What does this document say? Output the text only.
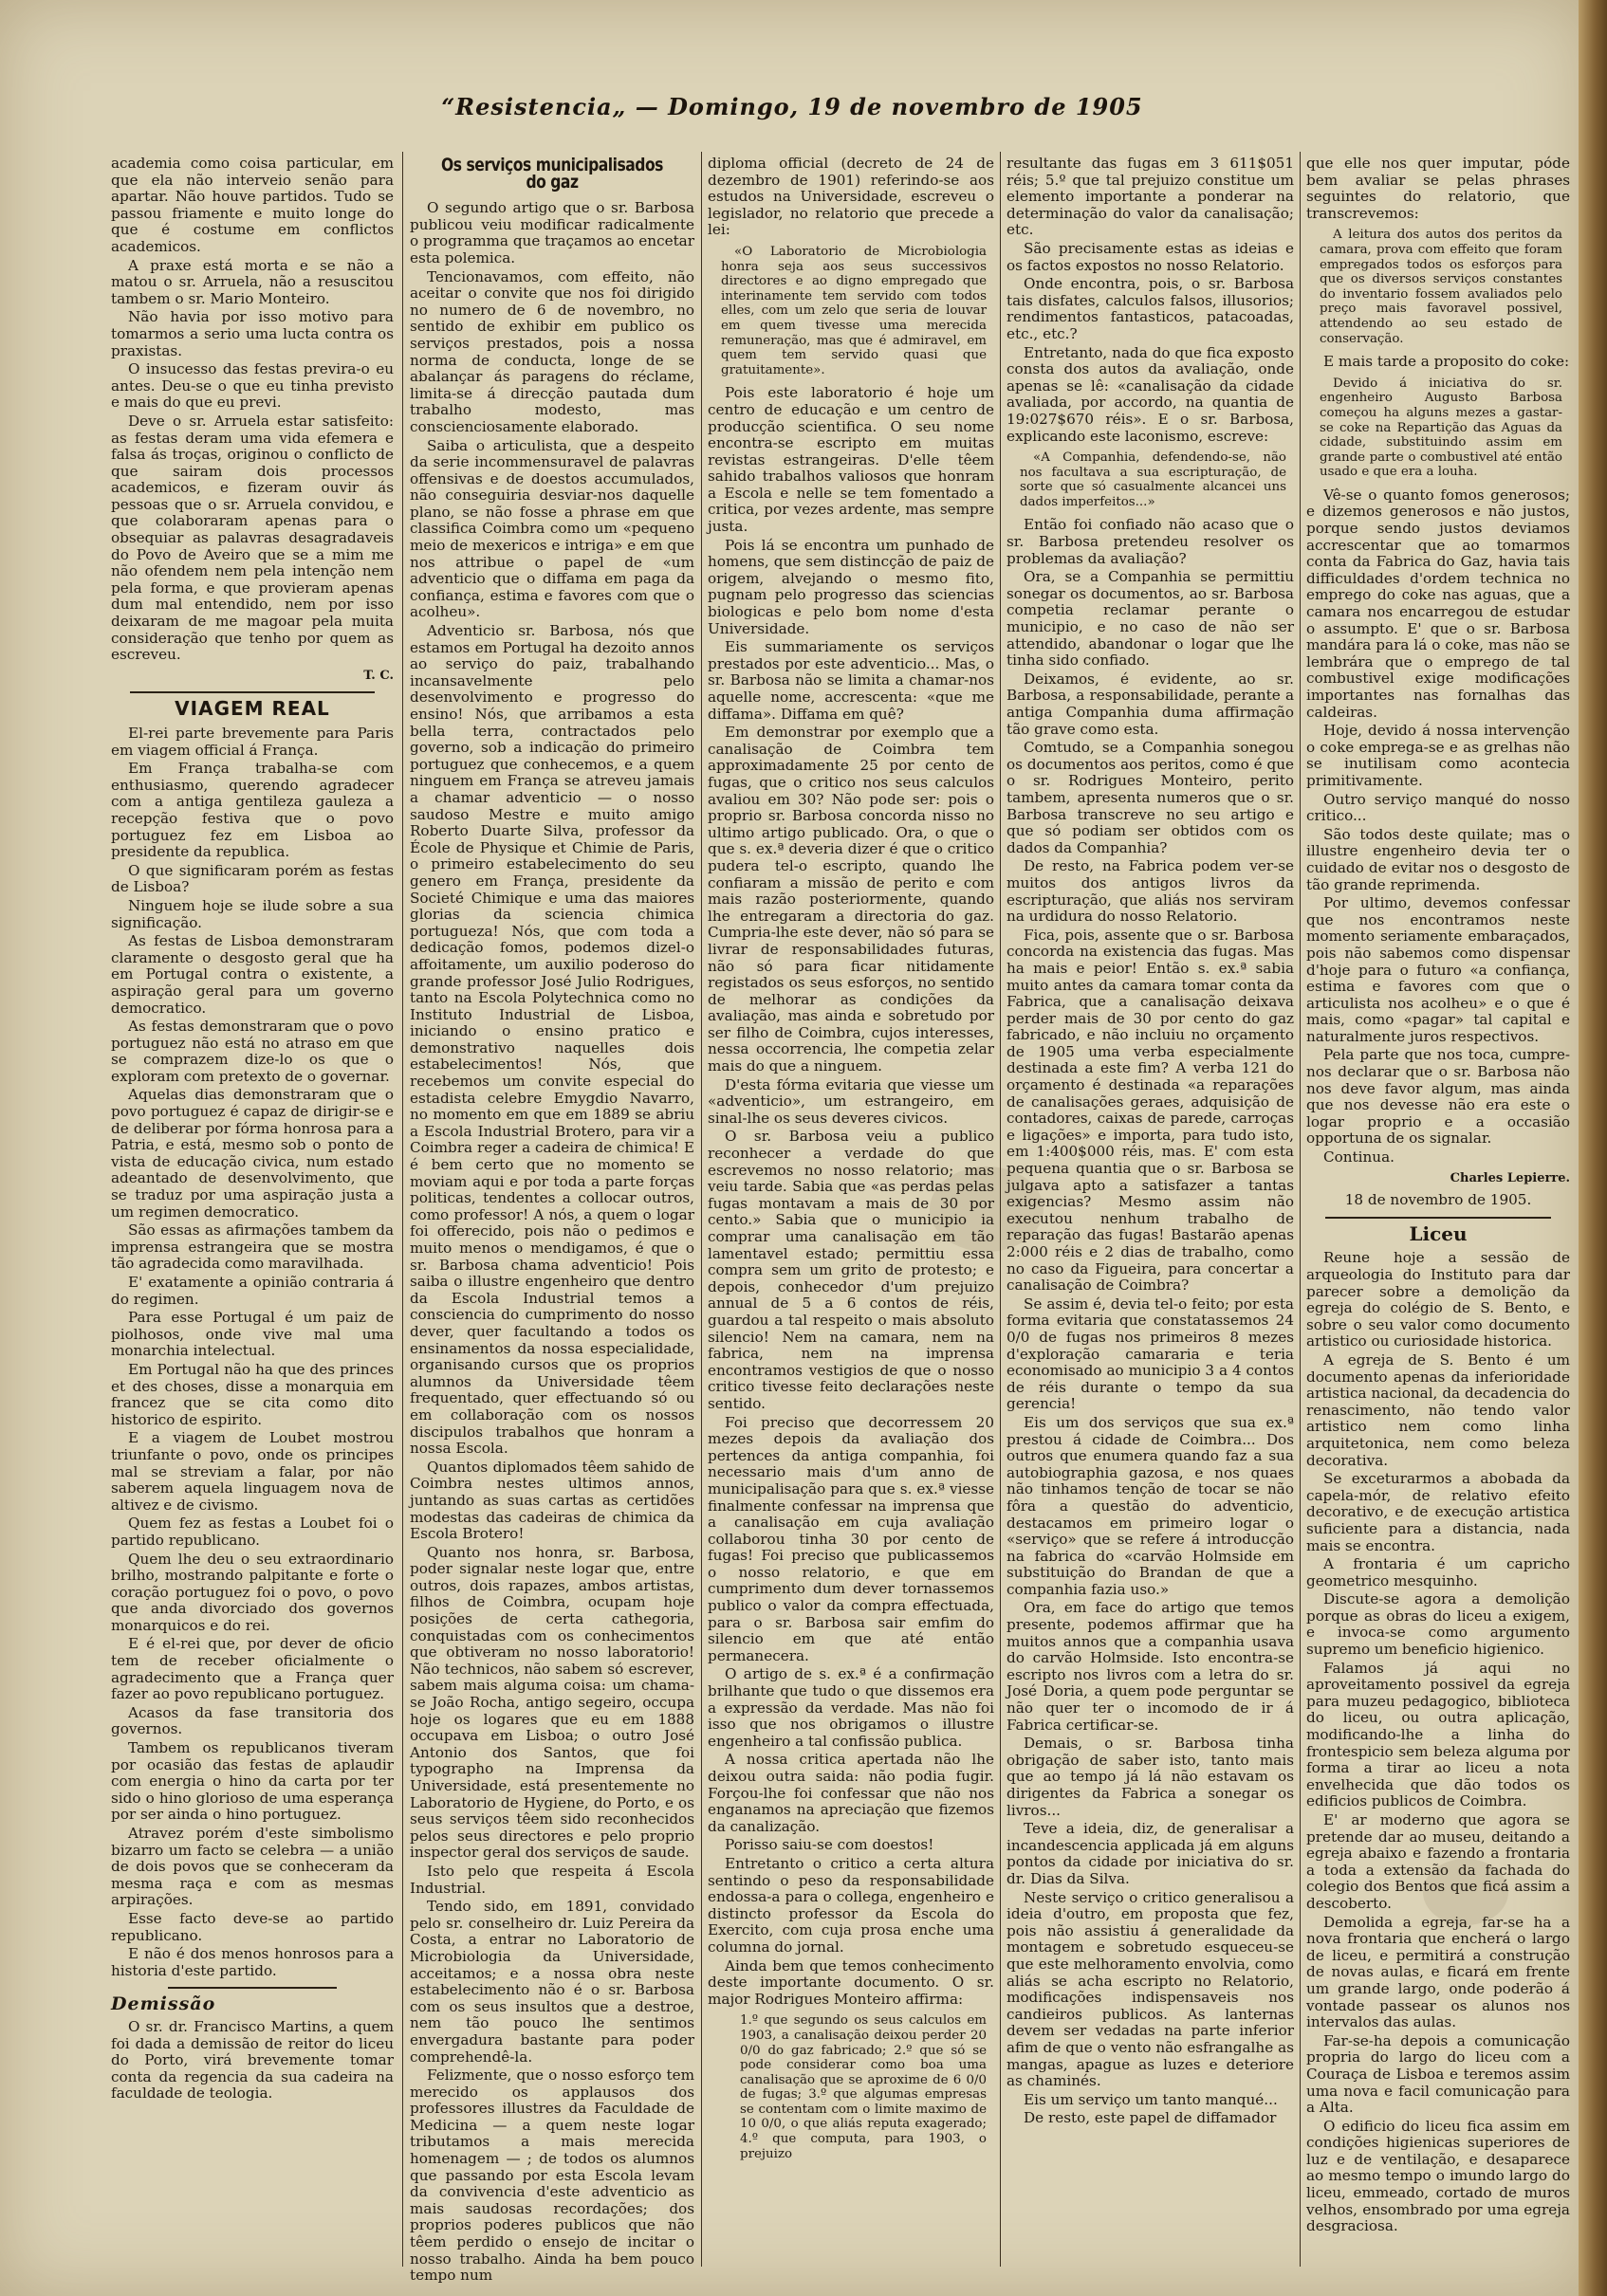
“Resistencia„ — Domingo, 19 de novembro de 1905

academia como coisa particular, em que ela não interveio senão para apartar. Não houve partidos. Tudo se passou friamente e muito longe do que é costume em conflictos academicos.

A praxe está morta e se não a matou o sr. Arruela, não a resuscitou tambem o sr. Mario Monteiro.

Não havia por isso motivo para tomarmos a serio uma lucta contra os praxistas.

O insucesso das festas previra-o eu antes. Deu-se o que eu tinha previsto e mais do que eu previ.

Deve o sr. Arruela estar satisfeito: as festas deram uma vida efemera e falsa ás troças, originou o conflicto de que sairam dois processos academicos, e fizeram ouvir ás pessoas que o sr. Arruela convidou, e que colaboraram apenas para o obsequiar as palavras desagradaveis do Povo de Aveiro que se a mim me não ofendem nem pela intenção nem pela forma, e que provieram apenas dum mal entendido, nem por isso deixaram de me magoar pela muita consideração que tenho por quem as escreveu.

T. C.

VIAGEM REAL

El-rei parte brevemente para Paris em viagem official á França.

Em França trabalha-se com enthusiasmo, querendo agradecer com a antiga gentileza gauleza a recepção festiva que o povo portuguez fez em Lisboa ao presidente da republica.

O que significaram porém as festas de Lisboa?

Ninguem hoje se ilude sobre a sua significação.

As festas de Lisboa demonstraram claramente o desgosto geral que ha em Portugal contra o existente, a aspiração geral para um governo democratico.

As festas demonstraram que o povo portuguez não está no atraso em que se comprazem dize-lo os que o exploram com pretexto de o governar.

Aquelas dias demonstraram que o povo portuguez é capaz de dirigir-se e de deliberar por fórma honrosa para a Patria, e está, mesmo sob o ponto de vista de educação civica, num estado adeantado de desenvolvimento, que se traduz por uma aspiração justa a um regimen democratico.

São essas as afirmações tambem da imprensa estrangeira que se mostra tão agradecida como maravilhada.

E' exatamente a opinião contraria á do regimen.

Para esse Portugal é um paiz de piolhosos, onde vive mal uma monarchia intelectual.

Em Portugal não ha que des princes et des choses, disse a monarquia em francez que se cita como dito historico de espirito.

E a viagem de Loubet mostrou triunfante o povo, onde os principes mal se streviam a falar, por não saberem aquela linguagem nova de altivez e de civismo.

Quem fez as festas a Loubet foi o partido republicano.

Quem lhe deu o seu extraordinario brilho, mostrando palpitante e forte o coração portuguez foi o povo, o povo que anda divorciado dos governos monarquicos e do rei.

E é el-rei que, por dever de oficio tem de receber oficialmente o agradecimento que a França quer fazer ao povo republicano portuguez.

Acasos da fase transitoria dos governos.

Tambem os republicanos tiveram por ocasião das festas de aplaudir com energia o hino da carta por ter sido o hino glorioso de uma esperança por ser ainda o hino portuguez.

Atravez porém d'este simbolismo bizarro um facto se celebra — a união de dois povos que se conheceram da mesma raça e com as mesmas arpirações.

Esse facto deve-se ao partido republicano.

E não é dos menos honrosos para a historia d'este partido.

Demissão

O sr. dr. Francisco Martins, a quem foi dada a demissão de reitor do liceu do Porto, virá brevemente tomar conta da regencia da sua cadeira na faculdade de teologia.

Os serviços municipalisados do gaz

O segundo artigo que o sr. Barbosa publicou veiu modificar radicalmente o programma que traçamos ao encetar esta polemica.

Tencionavamos, com effeito, não aceitar o convite que nos foi dirigido no numero de 6 de novembro, no sentido de exhibir em publico os serviços prestados, pois a nossa norma de conducta, longe de se abalançar ás paragens do réclame, limita-se á direcção pautada dum trabalho modesto, mas conscienciosamente elaborado.

Saiba o articulista, que a despeito da serie incommensuravel de palavras offensivas e de doestos accumulados, não conseguiria desviar-nos daquelle plano, se não fosse a phrase em que classifica Coimbra como um «pequeno meio de mexericos e intriga» e em que nos attribue o papel de «um adventicio que o diffama em paga da confiança, estima e favores com que o acolheu».

Adventicio sr. Barbosa, nós que estamos em Portugal ha dezoito annos ao serviço do paiz, trabalhando incansavelmente pelo desenvolvimento e progresso do ensino! Nós, que arribamos a esta bella terra, contractados pelo governo, sob a indicação do primeiro portuguez que conhecemos, e a quem ninguem em França se atreveu jamais a chamar adventicio — o nosso saudoso Mestre e muito amigo Roberto Duarte Silva, professor da École de Physique et Chimie de Paris, o primeiro estabelecimento do seu genero em França, presidente da Societé Chimique e uma das maiores glorias da sciencia chimica portugueza! Nós, que com toda a dedicação fomos, podemos dizel-o affoitamente, um auxilio poderoso do grande professor José Julio Rodrigues, tanto na Escola Polytechnica como no Instituto Industrial de Lisboa, iniciando o ensino pratico e demonstrativo naquelles dois estabelecimentos! Nós, que recebemos um convite especial do estadista celebre Emygdio Navarro, no momento em que em 1889 se abriu a Escola Industrial Brotero, para vir a Coimbra reger a cadeira de chimica! E é bem certo que no momento se moviam aqui e por toda a parte forças politicas, tendentes a collocar outros, como professor! A nós, a quem o logar foi offerecido, pois não o pedimos e muito menos o mendigamos, é que o sr. Barbosa chama adventicio! Pois saiba o illustre engenheiro que dentro da Escola Industrial temos a consciencia do cumprimento do nosso dever, quer facultando a todos os ensinamentos da nossa especialidade, organisando cursos que os proprios alumnos da Universidade têem frequentado, quer effectuando só ou em collaboração com os nossos discipulos trabalhos que honram a nossa Escola.

Quantos diplomados têem sahido de Coimbra nestes ultimos annos, juntando as suas cartas as certidões modestas das cadeiras de chimica da Escola Brotero!

Quanto nos honra, sr. Barbosa, poder signalar neste logar que, entre outros, dois rapazes, ambos artistas, filhos de Coimbra, ocupam hoje posições de certa cathegoria, conquistadas com os conhecimentos que obtiveram no nosso laboratorio! Não technicos, não sabem só escrever, sabem mais alguma coisa: um chama-se João Rocha, antigo segeiro, occupa hoje os logares que eu em 1888 occupava em Lisboa; o outro José Antonio dos Santos, que foi typographo na Imprensa da Universidade, está presentemente no Laboratorio de Hygiene, do Porto, e os seus serviços têem sido reconhecidos pelos seus directores e pelo proprio inspector geral dos serviços de saude.

Isto pelo que respeita á Escola Industrial.

Tendo sido, em 1891, convidado pelo sr. conselheiro dr. Luiz Pereira da Costa, a entrar no Laboratorio de Microbiologia da Universidade, acceitamos; e a nossa obra neste estabelecimento não é o sr. Barbosa com os seus insultos que a destroe, nem tão pouco lhe sentimos envergadura bastante para poder comprehendê-la.

Felizmente, que o nosso esforço tem merecido os applausos dos professores illustres da Faculdade de Medicina — a quem neste logar tributamos a mais merecida homenagem — ; de todos os alumnos que passando por esta Escola levam da convivencia d'este adventicio as mais saudosas recordações; dos proprios poderes publicos que não têem perdido o ensejo de incitar o nosso trabalho. Ainda ha bem pouco tempo num

diploma official (decreto de 24 de dezembro de 1901) referindo-se aos estudos na Universidade, escreveu o legislador, no relatorio que precede a lei:

«O Laboratorio de Microbiologia honra seja aos seus successivos directores e ao digno empregado que interinamente tem servido com todos elles, com um zelo que seria de louvar em quem tivesse uma merecida remuneração, mas que é admiravel, em quem tem servido quasi que gratuitamente».

Pois este laboratorio é hoje um centro de educação e um centro de producção scientifica. O seu nome encontra-se escripto em muitas revistas estrangeiras. D'elle têem sahido trabalhos valiosos que honram a Escola e nelle se tem fomentado a critica, por vezes ardente, mas sempre justa.

Pois lá se encontra um punhado de homens, que sem distincção de paiz de origem, alvejando o mesmo fito, pugnam pelo progresso das sciencias biologicas e pelo bom nome d'esta Universidade.

Eis summariamente os serviços prestados por este adventicio... Mas, o sr. Barbosa não se limita a chamar-nos aquelle nome, accrescenta: «que me diffama». Diffama em quê?

Em demonstrar por exemplo que a canalisação de Coimbra tem approximadamente 25 por cento de fugas, que o critico nos seus calculos avaliou em 30? Não pode ser: pois o proprio sr. Barbosa concorda nisso no ultimo artigo publicado. Ora, o que o que s. ex.ª deveria dizer é que o critico pudera tel-o escripto, quando lhe confiaram a missão de perito e com mais razão posteriormente, quando lhe entregaram a directoria do gaz. Cumpria-lhe este dever, não só para se livrar de responsabilidades futuras, não só para ficar nitidamente registados os seus esforços, no sentido de melhorar as condições da avaliação, mas ainda e sobretudo por ser filho de Coimbra, cujos interesses, nessa occorrencia, lhe competia zelar mais do que a ninguem.

D'esta fórma evitaria que viesse um «adventicio», um estrangeiro, em sinal-lhe os seus deveres civicos.

O sr. Barbosa veiu a publico reconhecer a verdade do que escrevemos no nosso relatorio; mas veiu tarde. Sabia que «as perdas pelas fugas montavam a mais de 30 por cento.» Sabia que o municipio ia comprar uma canalisação em tão lamentavel estado; permittiu essa compra sem um grito de protesto; e depois, conhecedor d'um prejuizo annual de 5 a 6 contos de réis, guardou a tal respeito o mais absoluto silencio! Nem na camara, nem na fabrica, nem na imprensa encontramos vestigios de que o nosso critico tivesse feito declarações neste sentido.

Foi preciso que decorressem 20 mezes depois da avaliação dos pertences da antiga companhia, foi necessario mais d'um anno de municipalisação para que s. ex.ª viesse finalmente confessar na imprensa que a canalisação em cuja avaliação collaborou tinha 30 por cento de fugas! Foi preciso que publicassemos o nosso relatorio, e que em cumprimento dum dever tornassemos publico o valor da compra effectuada, para o sr. Barbosa sair emfim do silencio em que até então permanecera.

O artigo de s. ex.ª é a confirmação brilhante que tudo o que dissemos era a expressão da verdade. Mas não foi isso que nos obrigamos o illustre engenheiro a tal confissão publica.

A nossa critica apertada não lhe deixou outra saida: não podia fugir. Forçou-lhe foi confessar que não nos enganamos na apreciação que fizemos da canalização.

Porisso saiu-se com doestos!

Entretanto o critico a certa altura sentindo o peso da responsabilidade endossa-a para o collega, engenheiro e distincto professor da Escola do Exercito, com cuja prosa enche uma columna do jornal.

Ainda bem que temos conhecimento deste importante documento. O sr. major Rodrigues Monteiro affirma:

1.º que segundo os seus calculos em 1903, a canalisação deixou perder 20 0/0 do gaz fabricado; 2.º que só se pode considerar como boa uma canalisação que se aproxime de 6 0/0 de fugas; 3.º que algumas empresas se contentam com o limite maximo de 10 0/0, o que aliás reputa exagerado; 4.º que computa, para 1903, o prejuizo

resultante das fugas em 3 611$051 réis; 5.º que tal prejuizo constitue um elemento importante a ponderar na determinação do valor da canalisação; etc.

São precisamente estas as ideias e os factos expostos no nosso Relatorio.

Onde encontra, pois, o sr. Barbosa tais disfates, calculos falsos, illusorios; rendimentos fantasticos, patacoadas, etc., etc.?

Entretanto, nada do que fica exposto consta dos autos da avaliação, onde apenas se lê: «canalisação da cidade avaliada, por accordo, na quantia de 19:027$670 réis». E o sr. Barbosa, explicando este laconismo, escreve:

«A Companhia, defendendo-se, não nos facultava a sua escripturação, de sorte que só casualmente alcancei uns dados imperfeitos...»

Então foi confiado não acaso que o sr. Barbosa pretendeu resolver os problemas da avaliação?

Ora, se a Companhia se permittiu sonegar os documentos, ao sr. Barbosa competia reclamar perante o municipio, e no caso de não ser attendido, abandonar o logar que lhe tinha sido confiado.

Deixamos, é evidente, ao sr. Barbosa, a responsabilidade, perante a antiga Companhia duma affirmação tão grave como esta.

Comtudo, se a Companhia sonegou os documentos aos peritos, como é que o sr. Rodrigues Monteiro, perito tambem, apresenta numeros que o sr. Barbosa transcreve no seu artigo e que só podiam ser obtidos com os dados da Companhia?

De resto, na Fabrica podem ver-se muitos dos antigos livros da escripturação, que aliás nos serviram na urdidura do nosso Relatorio.

Fica, pois, assente que o sr. Barbosa concorda na existencia das fugas. Mas ha mais e peior! Então s. ex.ª sabia muito antes da camara tomar conta da Fabrica, que a canalisação deixava perder mais de 30 por cento do gaz fabricado, e não incluiu no orçamento de 1905 uma verba especialmente destinada a este fim? A verba 121 do orçamento é destinada «a reparações de canalisações geraes, adquisição de contadores, caixas de parede, carroças e ligações» e importa, para tudo isto, em 1:400$000 réis, mas. E' com esta pequena quantia que o sr. Barbosa se julgava apto a satisfazer a tantas exigencias? Mesmo assim não executou nenhum trabalho de reparação das fugas! Bastarão apenas 2:000 réis e 2 dias de trabalho, como no caso da Figueira, para concertar a canalisação de Coimbra?

Se assim é, devia tel-o feito; por esta forma evitaria que constatassemos 24 0/0 de fugas nos primeiros 8 mezes d'exploração camararia e teria economisado ao municipio 3 a 4 contos de réis durante o tempo da sua gerencia!

Eis um dos serviços que sua ex.ª prestou á cidade de Coimbra... Dos outros que enumera quando faz a sua autobiographia gazosa, e nos quaes não tinhamos tenção de tocar se não fôra a questão do adventicio, destacamos em primeiro logar o «serviço» que se refere á introducção na fabrica do «carvão Holmside em substituição do Brandan de que a companhia fazia uso.»

Ora, em face do artigo que temos presente, podemos affirmar que ha muitos annos que a companhia usava do carvão Holmside. Isto encontra-se escripto nos livros com a letra do sr. José Doria, a quem pode perguntar se não quer ter o incomodo de ir á Fabrica certificar-se.

Demais, o sr. Barbosa tinha obrigação de saber isto, tanto mais que ao tempo já lá não estavam os dirigentes da Fabrica a sonegar os livros...

Teve a ideia, diz, de generalisar a incandescencia applicada já em alguns pontos da cidade por iniciativa do sr. dr. Dias da Silva.

Neste serviço o critico generalisou a ideia d'outro, em proposta que fez, pois não assistiu á generalidade da montagem e sobretudo esqueceu-se que este melhoramento envolvia, como aliás se acha escripto no Relatorio, modificações indispensaveis nos candieiros publicos. As lanternas devem ser vedadas na parte inferior afim de que o vento não esfrangalhe as mangas, apague as luzes e deteriore as chaminés.

Eis um serviço um tanto manqué...

De resto, este papel de diffamador

que elle nos quer imputar, póde bem avaliar se pelas phrases seguintes do relatorio, que transcrevemos:

A leitura dos autos dos peritos da camara, prova com effeito que foram empregados todos os esforços para que os diversos serviços constantes do inventario fossem avaliados pelo preço mais favoravel possivel, attendendo ao seu estado de conservação.

E mais tarde a proposito do coke:

Devido á iniciativa do sr. engenheiro Augusto Barbosa começou ha alguns mezes a gastar-se coke na Repartição das Aguas da cidade, substituindo assim em grande parte o combustivel até então usado e que era a louha.

Vê-se o quanto fomos generosos; e dizemos generosos e não justos, porque sendo justos deviamos accrescentar que ao tomarmos conta da Fabrica do Gaz, havia tais difficuldades d'ordem technica no emprego do coke nas aguas, que a camara nos encarregou de estudar o assumpto. E' que o sr. Barbosa mandára para lá o coke, mas não se lembrára que o emprego de tal combustivel exige modificações importantes nas fornalhas das caldeiras.

Hoje, devido á nossa intervenção o coke emprega-se e as grelhas não se inutilisam como acontecia primitivamente.

Outro serviço manqué do nosso critico...

São todos deste quilate; mas o illustre engenheiro devia ter o cuidado de evitar nos o desgosto de tão grande reprimenda.

Por ultimo, devemos confessar que nos encontramos neste momento seriamente embaraçados, pois não sabemos como dispensar d'hoje para o futuro «a confiança, estima e favores com que o articulista nos acolheu» e o que é mais, como «pagar» tal capital e naturalmente juros respectivos.

Pela parte que nos toca, cumpre-nos declarar que o sr. Barbosa não nos deve favor algum, mas ainda que nos devesse não era este o logar proprio e a occasião opportuna de os signalar.

Continua.

Charles Lepierre.

18 de novembro de 1905.

Liceu

Reune hoje a sessão de arqueologia do Instituto para dar parecer sobre a demolição da egreja do colégio de S. Bento, e sobre o seu valor como documento artistico ou curiosidade historica.

A egreja de S. Bento é um documento apenas da inferioridade artistica nacional, da decadencia do renascimento, não tendo valor artistico nem como linha arquitetonica, nem como beleza decorativa.

Se exceturarmos a abobada da capela-mór, de relativo efeito decorativo, e de execução artistica suficiente para a distancia, nada mais se encontra.

A frontaria é um capricho geometrico mesquinho.

Discute-se agora a demolição porque as obras do liceu a exigem, e invoca-se como argumento supremo um beneficio higienico.

Falamos já aqui no aproveitamento possivel da egreja para muzeu pedagogico, biblioteca do liceu, ou outra aplicação, modificando-lhe a linha do frontespicio sem beleza alguma por forma a tirar ao liceu a nota envelhecida que dão todos os edificios publicos de Coimbra.

E' ar moderno que agora se pretende dar ao museu, deitando a egreja abaixo e fazendo a frontaria a toda a extensão da fachada do colegio dos Bentos que ficá assim a descoberto.

Demolida a egreja, far-se ha a nova frontaria que encherá o largo de liceu, e permitirá a construção de novas aulas, e ficará em frente um grande largo, onde poderão á vontade passear os alunos nos intervalos das aulas.

Far-se-ha depois a comunicação propria do largo do liceu com a Couraça de Lisboa e teremos assim uma nova e facil comunicação para a Alta.

O edificio do liceu fica assim em condições higienicas superiores de luz e de ventilação, e desaparece ao mesmo tempo o imundo largo do liceu, emmeado, cortado de muros velhos, ensombrado por uma egreja desgraciosa.
